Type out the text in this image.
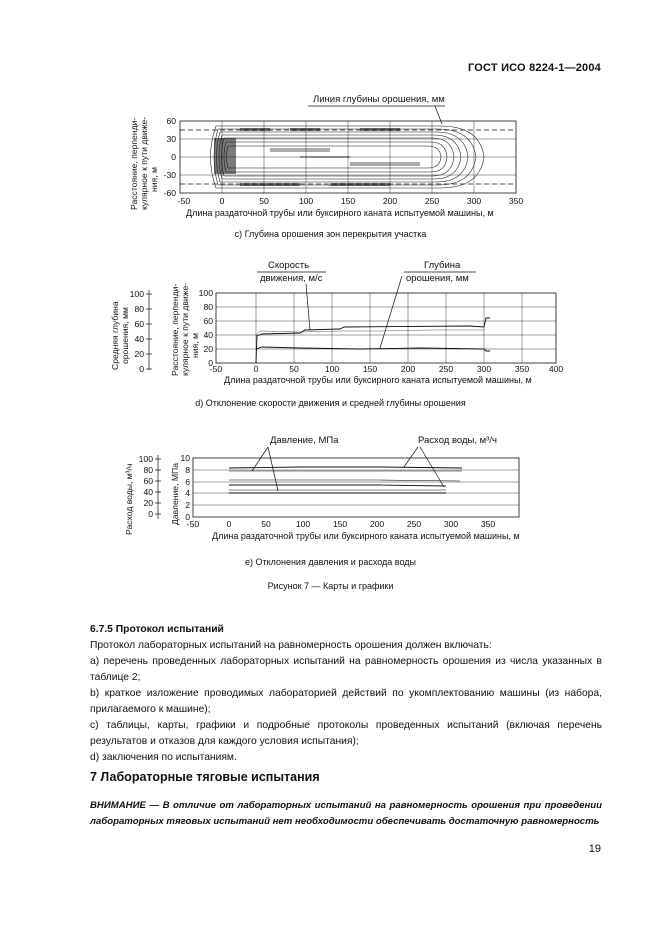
ГОСТ ИСО 8224-1—2004
Линия глубины орошения, мм
Расстояние, перпенди- кулярное к пути движе- ния, м
60
30
0
-30
-60
-50	0	50	100	150	200	250	300	350
Длина раздаточной трубы или буксирного каната испытуемой машины, м
с) Глубина орошения зон перекрытия участка
Средняя глубина орошения, мм	Расстояние, перпенди- кулярное к пути движе- ния, м
100
80
60
40
20
0
100
80
60
40
20
0
Скорость
движения, м/с
Глубина
орошения, мм
-50	0	50	100	150	200	250	300	350 400
Длина раздаточной трубы или буксирного каната испытуемой машины, м
d) Отклонение скорости движения и средней глубины орошения
Расход воды, м³/ч	Давление, МПа
100
80
60
40
20
0
10
8
6
4
2
0
Давление, МПа	Расход воды, м³/ч
-50	0	50	100	150	200	250	300	350
Длина раздаточной трубы или буксирного каната испытуемой машины, м
е) Отклонения давления и расхода воды
Рисунок 7 — Карты и графики

6.7.5 Протокол испытаний

Протокол лабораторных испытаний на равномерность орошения должен включать:

а) перечень проведенных лабораторных испытаний на равномерность орошения из числа указанных в таблице 2;

b) краткое изложение проводимых лабораторией действий по укомплектованию машины (из набора, прилагаемого к машине);

с) таблицы, карты, графики и подробные протоколы проведенных испытаний (включая перечень результатов и отказов для каждого условия испытания);

d) заключения по испытаниям.

7 Лабораторные тяговые испытания
ВНИМАНИЕ — В отличие от лабораторных испытаний на равномерность орошения при проведении лабораторных тяговых испытаний нет необходимости обеспечивать достаточную равномерность
19
